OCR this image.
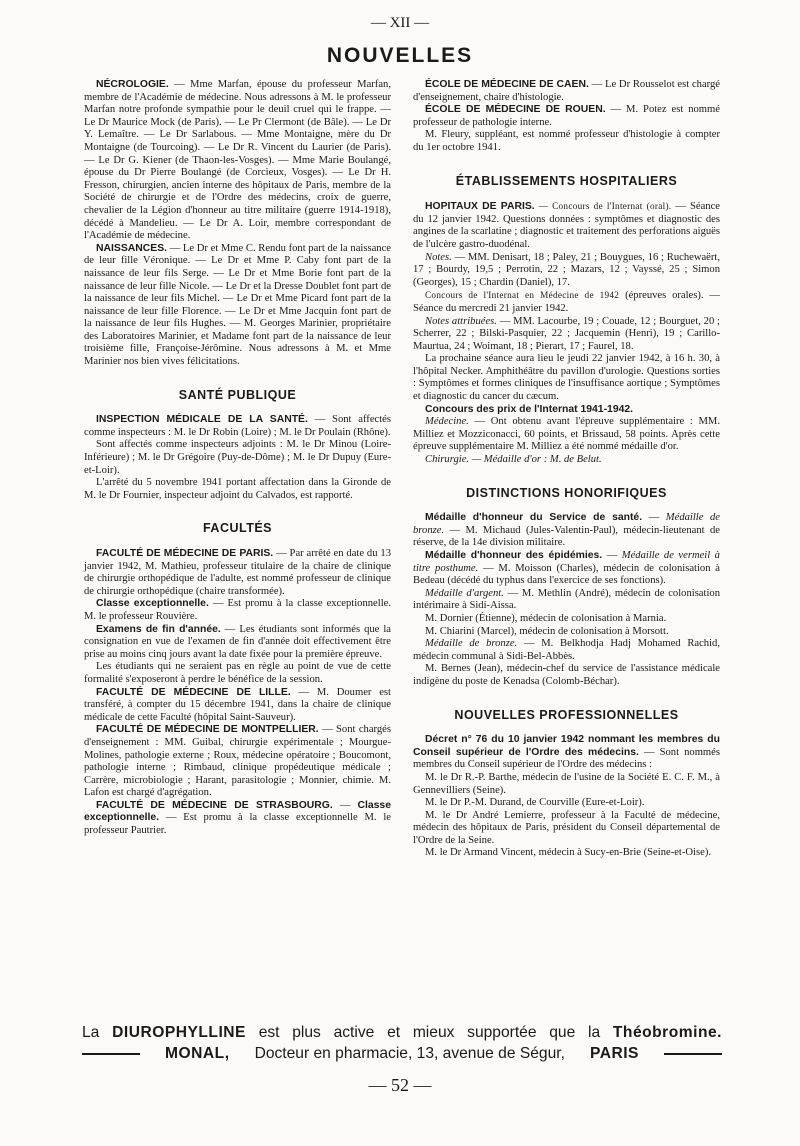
— XII —
NOUVELLES

NÉCROLOGIE. — Mme Marfan, épouse du professeur Marfan, membre de l'Académie de médecine. Nous adressons à M. le professeur Marfan notre profonde sympathie pour le deuil cruel qui le frappe. — Le Dr Maurice Mock (de Paris). — Le Pr Clermont (de Bâle). — Le Dr Y. Lemaître. — Le Dr Sarlabous. — Mme Montaigne, mère du Dr Montaigne (de Tourcoing). — Le Dr R. Vincent du Laurier (de Paris). — Le Dr G. Kiener (de Thaon-les-Vosges). — Mme Marie Boulangé, épouse du Dr Pierre Boulangé (de Corcieux, Vosges). — Le Dr H. Fresson, chirurgien, ancien interne des hôpitaux de Paris, membre de la Société de chirurgie et de l'Ordre des médecins, croix de guerre, chevalier de la Légion d'honneur au titre militaire (guerre 1914-1918), décédé à Mandelieu. — Le Dr A. Loir, membre correspondant de l'Académie de médecine.

NAISSANCES. — Le Dr et Mme C. Rendu font part de la naissance de leur fille Véronique. — Le Dr et Mme P. Caby font part de la naissance de leur fils Serge. — Le Dr et Mme Borie font part de la naissance de leur fille Nicole. — Le Dr et la Dresse Doublet font part de la naissance de leur fils Michel. — Le Dr et Mme Picard font part de la naissance de leur fille Florence. — Le Dr et Mme Jacquin font part de la naissance de leur fils Hughes. — M. Georges Marinier, propriétaire des Laboratoires Marinier, et Madame font part de la naissance de leur troisième fille, Françoise-Jérômine. Nous adressons à M. et Mme Marinier nos bien vives félicitations.

SANTÉ PUBLIQUE

INSPECTION MÉDICALE DE LA SANTÉ. — Sont affectés comme inspecteurs : M. le Dr Robin (Loire) ; M. le Dr Poulain (Rhône).

Sont affectés comme inspecteurs adjoints : M. le Dr Minou (Loire-Inférieure) ; M. le Dr Grégoire (Puy-de-Dôme) ; M. le Dr Dupuy (Eure-et-Loir).

L'arrêté du 5 novembre 1941 portant affectation dans la Gironde de M. le Dr Fournier, inspecteur adjoint du Calvados, est rapporté.

FACULTÉS

FACULTÉ DE MÉDECINE DE PARIS. — Par arrêté en date du 13 janvier 1942, M. Mathieu, professeur titulaire de la chaire de clinique de chirurgie orthopédique de l'adulte, est nommé professeur de clinique de chirurgie orthopédique (chaire transformée).

Classe exceptionnelle. — Est promu à la classe exceptionnelle. M. le professeur Rouvière.

Examens de fin d'année. — Les étudiants sont informés que la consignation en vue de l'examen de fin d'année doit effectivement être prise au moins cinq jours avant la date fixée pour la première épreuve.

Les étudiants qui ne seraient pas en règle au point de vue de cette formalité s'exposeront à perdre le bénéfice de la session.

FACULTÉ DE MÉDECINE DE LILLE. — M. Doumer est transféré, à compter du 15 décembre 1941, dans la chaire de clinique médicale de cette Faculté (hôpital Saint-Sauveur).

FACULTÉ DE MÉDECINE DE MONTPELLIER. — Sont chargés d'enseignement : MM. Guibal, chirurgie expérimentale ; Mourgue-Molines, pathologie externe ; Roux, médecine opératoire ; Boucomont, pathologie interne ; Rimbaud, clinique propédeutique médicale ; Carrère, microbiologie ; Harant, parasitologie ; Monnier, chimie. M. Lafon est chargé d'agrégation.

FACULTÉ DE MÉDECINE DE STRASBOURG. — Classe exceptionnelle. — Est promu à la classe exceptionnelle M. le professeur Pautrier.

ÉCOLE DE MÉDECINE DE CAEN. — Le Dr Rousselot est chargé d'enseignement, chaire d'histologie.

ÉCOLE DE MÉDECINE DE ROUEN. — M. Potez est nommé professeur de pathologie interne.

M. Fleury, suppléant, est nommé professeur d'histologie à compter du 1er octobre 1941.

ÉTABLISSEMENTS HOSPITALIERS

HOPITAUX DE PARIS. — Concours de l'Internat (oral). — Séance du 12 janvier 1942. Questions données : symptômes et diagnostic des angines de la scarlatine ; diagnostic et traitement des perforations aiguës de l'ulcère gastro-duodénal.

Notes. — MM. Denisart, 18 ; Paley, 21 ; Bouygues, 16 ; Ruchewaërt, 17 ; Bourdy, 19,5 ; Perrotin, 22 ; Mazars, 12 ; Vayssé, 25 ; Simon (Georges), 15 ; Chardin (Daniel), 17.

Concours de l'Internat en Médecine de 1942 (épreuves orales). — Séance du mercredi 21 janvier 1942.

Notes attribuées. — MM. Lacourbe, 19 ; Couade, 12 ; Bourguet, 20 ; Scherrer, 22 ; Bilski-Pasquier, 22 ; Jacquemin (Henri), 19 ; Carillo-Maurtua, 24 ; Woimant, 18 ; Pierart, 17 ; Faurel, 18.

La prochaine séance aura lieu le jeudi 22 janvier 1942, à 16 h. 30, à l'hôpital Necker. Amphithéâtre du pavillon d'urologie. Questions sorties : Symptômes et formes cliniques de l'insuffisance aortique ; Symptômes et diagnostic du cancer du cæcum.

Concours des prix de l'Internat 1941-1942.

Médecine. — Ont obtenu avant l'épreuve supplémentaire : MM. Milliez et Mozziconacci, 60 points, et Brissaud, 58 points. Après cette épreuve supplémentaire M. Milliez a été nommé médaille d'or.

Chirurgie. — Médaille d'or : M. de Belut.

DISTINCTIONS HONORIFIQUES

Médaille d'honneur du Service de santé. — Médaille de bronze. — M. Michaud (Jules-Valentin-Paul), médecin-lieutenant de réserve, de la 14e division militaire.

Médaille d'honneur des épidémies. — Médaille de vermeil à titre posthume. — M. Moisson (Charles), médecin de colonisation à Bedeau (décédé du typhus dans l'exercice de ses fonctions).

Médaille d'argent. — M. Methlin (André), médecin de colonisation intérimaire à Sidi-Aissa.

M. Dornier (Étienne), médecin de colonisation à Marnia.

M. Chiarini (Marcel), médecin de colonisation à Morsott.

Médaille de bronze. — M. Belkhodja Hadj Mohamed Rachid, médecin communal à Sidi-Bel-Abbès.

M. Bernes (Jean), médecin-chef du service de l'assistance médicale indigène du poste de Kenadsa (Colomb-Béchar).

NOUVELLES PROFESSIONNELLES

Décret n° 76 du 10 janvier 1942 nommant les membres du Conseil supérieur de l'Ordre des médecins. — Sont nommés membres du Conseil supérieur de l'Ordre des médecins :

M. le Dr R.-P. Barthe, médecin de l'usine de la Société E. C. F. M., à Gennevilliers (Seine).

M. le Dr P.-M. Durand, de Courville (Eure-et-Loir).

M. le Dr André Lemierre, professeur à la Faculté de médecine, médecin des hôpitaux de Paris, président du Conseil départemental de l'Ordre de la Seine.

M. le Dr Armand Vincent, médecin à Sucy-en-Brie (Seine-et-Oise).

La DIUROPHYLLINE est plus active et mieux supportée que la Théobromine.
MONAL, Docteur en pharmacie, 13, avenue de Ségur, PARIS
— 52 —
